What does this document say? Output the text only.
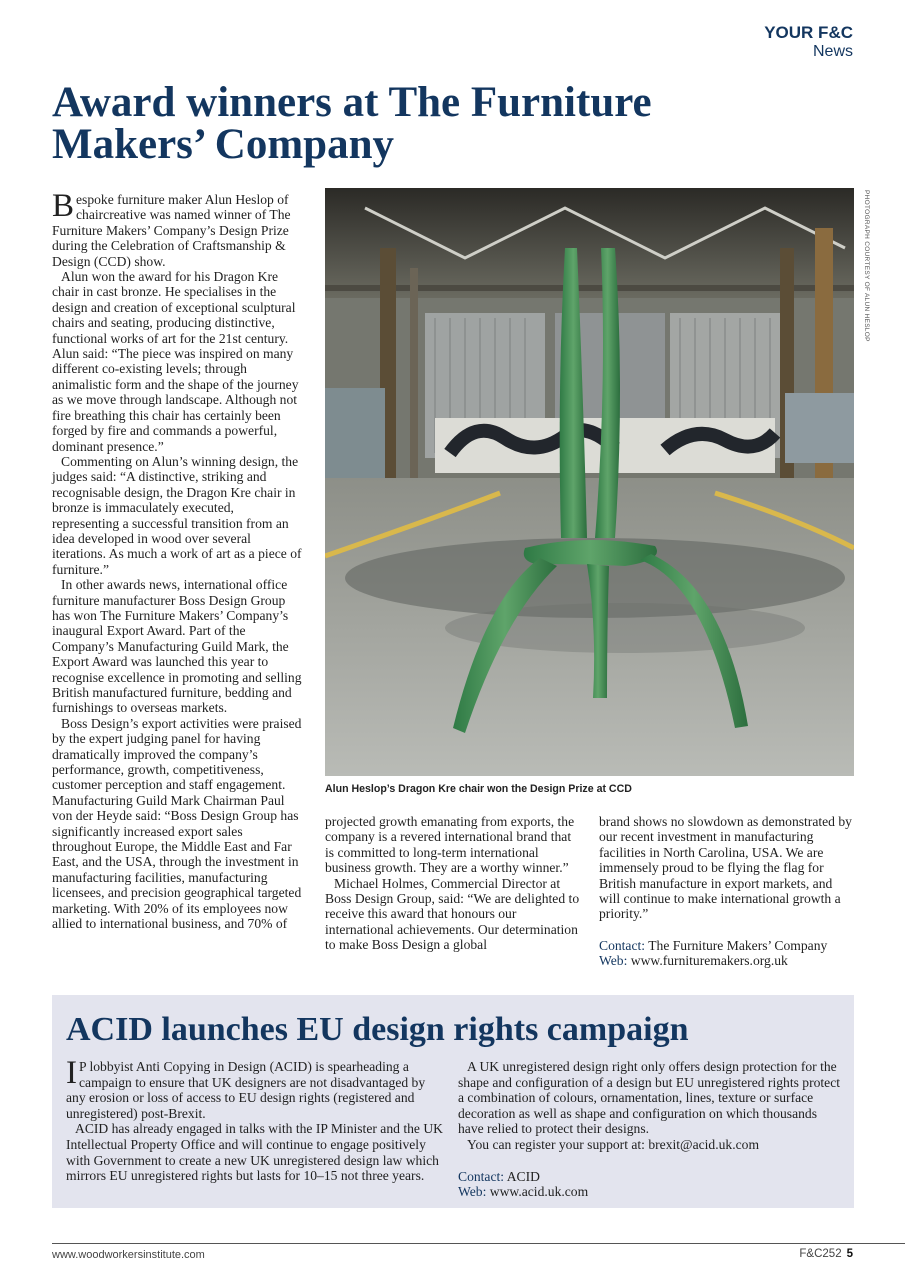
YOUR F&C
News
Award winners at The Furniture Makers’ Company

Bespoke furniture maker Alun Heslop of chaircreative was named winner of The Furniture Makers’ Company’s Design Prize during the Celebration of Craftsmanship & Design (CCD) show.

Alun won the award for his Dragon Kre chair in cast bronze. He specialises in the design and creation of exceptional sculptural chairs and seating, producing distinctive, functional works of art for the 21st century. Alun said: “The piece was inspired on many different co-existing levels; through animalistic form and the shape of the journey as we move through landscape. Although not fire breathing this chair has certainly been forged by fire and commands a powerful, dominant presence.”

Commenting on Alun’s winning design, the judges said: “A distinctive, striking and recognisable design, the Dragon Kre chair in bronze is immaculately executed, representing a successful transition from an idea developed in wood over several iterations. As much a work of art as a piece of furniture.”

In other awards news, international office furniture manufacturer Boss Design Group has won The Furniture Makers’ Company’s inaugural Export Award. Part of the Company’s Manufacturing Guild Mark, the Export Award was launched this year to recognise excellence in promoting and selling British manufactured furniture, bedding and furnishings to overseas markets.

Boss Design’s export activities were praised by the expert judging panel for having dramatically improved the company’s performance, growth, competitiveness, customer perception and staff engagement. Manufacturing Guild Mark Chairman Paul von der Heyde said: “Boss Design Group has significantly increased export sales throughout Europe, the Middle East and Far East, and the USA, through the investment in manufacturing facilities, manufacturing licensees, and precision geographical targeted marketing. With 20% of its employees now allied to international business, and 70% of

PHOTOGRAPH COURTESY OF ALUN HESLOP
Alun Heslop’s Dragon Kre chair won the Design Prize at CCD

projected growth emanating from exports, the company is a revered international brand that is committed to long-term international business growth. They are a worthy winner.”

Michael Holmes, Commercial Director at Boss Design Group, said: “We are delighted to receive this award that honours our international achievements. Our determination to make Boss Design a global

brand shows no slowdown as demonstrated by our recent investment in manufacturing facilities in North Carolina, USA. We are immensely proud to be flying the flag for British manufacture in export markets, and will continue to make international growth a priority.”

Contact: The Furniture Makers’ Company

Web: www.furnituremakers.org.uk

ACID launches EU design rights campaign

I P lobbyist Anti Copying in Design (ACID) is spearheading a campaign to ensure that UK designers are not disadvantaged by any erosion or loss of access to EU design rights (registered and unregistered) post-Brexit.

ACID has already engaged in talks with the IP Minister and the UK Intellectual Property Office and will continue to engage positively with Government to create a new UK unregistered design law which mirrors EU unregistered rights but lasts for 10–15 not three years.

A UK unregistered design right only offers design protection for the shape and configuration of a design but EU unregistered rights protect a combination of colours, ornamentation, lines, texture or surface decoration as well as shape and configuration on which thousands have relied to protect their designs.

You can register your support at: brexit@acid.uk.com

Contact: ACID

Web: www.acid.uk.com

www.woodworkersinstitute.com	F&C252 5
